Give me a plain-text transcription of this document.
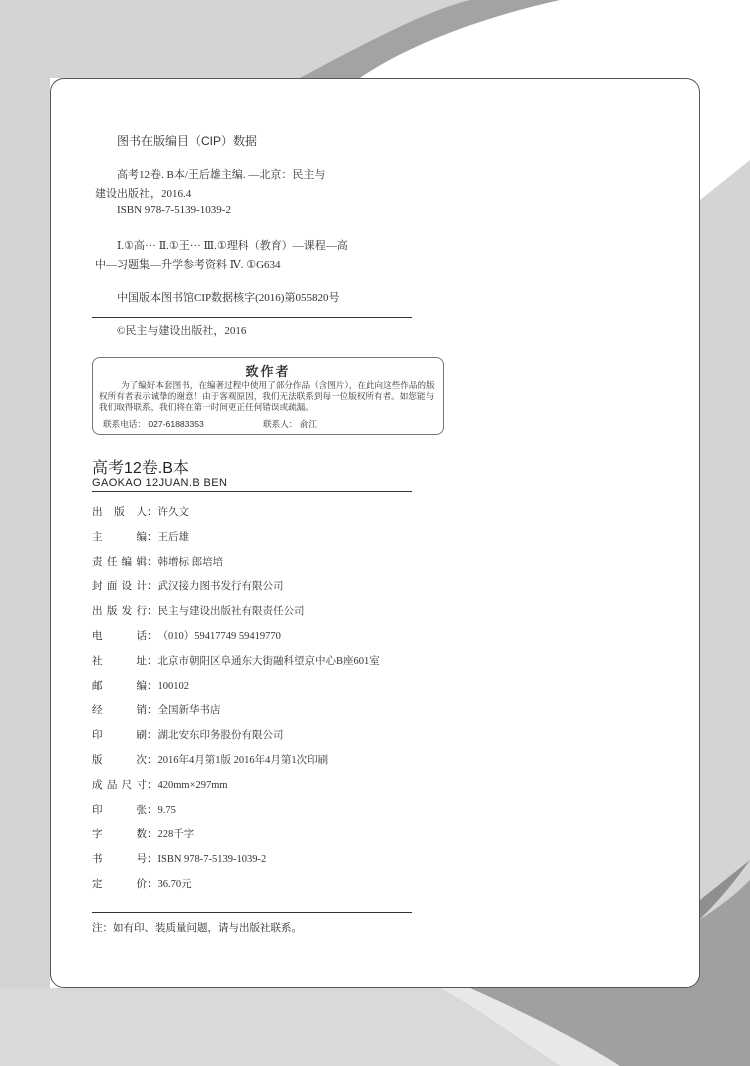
图书在版编目（CIP）数据
高考12卷. B本/王后雄主编. —北京：民主与
建设出版社，2016.4
ISBN 978-7-5139-1039-2
Ⅰ.①高··· Ⅱ.①王··· Ⅲ.①理科（教育）—课程—高
中—习题集—升学参考资料 Ⅳ. ①G634
中国版本图书馆CIP数据核字(2016)第055820号
©民主与建设出版社，2016
致作者
为了编好本套图书，在编著过程中使用了部分作品（含图片），在此向这些作品的版权所有者表示诚挚的谢意！由于客观原因，我们无法联系到每一位版权所有者。如您能与我们取得联系，我们将在第一时间更正任何错误或疏漏。
联系电话： 027-61883353	联系人： 俞江
高考12卷.B本
GAOKAO 12JUAN.B BEN
出版人：许久文
主编：王后雄
责任编辑：韩增标 郎培培
封面设计：武汉接力图书发行有限公司
出版发行：民主与建设出版社有限责任公司
电话：（010）59417749 59419770
社址：北京市朝阳区阜通东大街融科望京中心B座601室
邮编：100102
经销：全国新华书店
印刷：湖北安东印务股份有限公司
版次：2016年4月第1版 2016年4月第1次印刷
成品尺寸：420mm×297mm
印张：9.75
字数：228千字
书号：ISBN 978-7-5139-1039-2
定价：36.70元
注：如有印、装质量问题，请与出版社联系。
